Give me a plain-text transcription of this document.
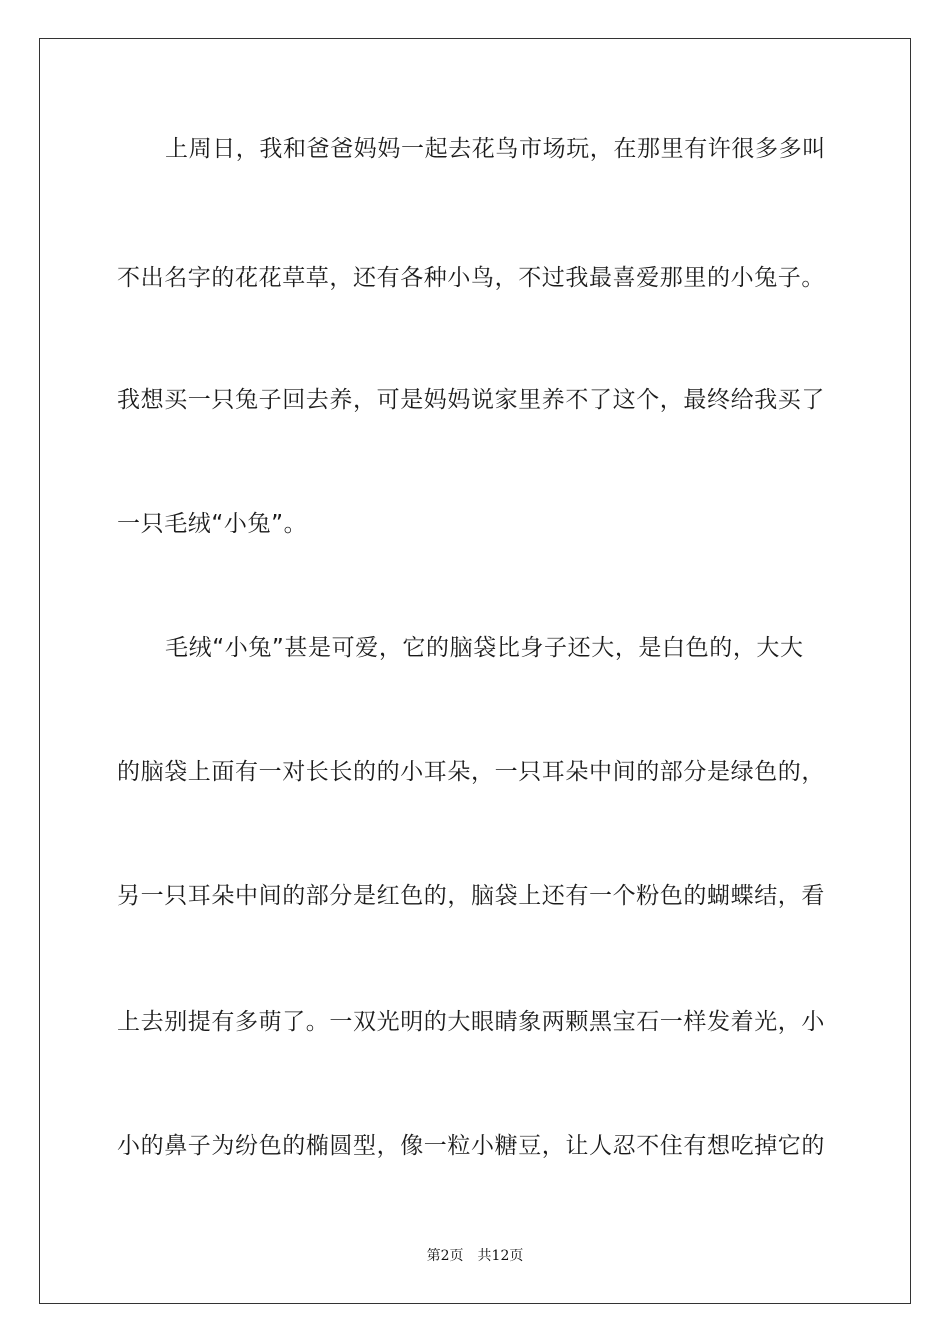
上周日，我和爸爸妈妈一起去花鸟市场玩，在那里有许很多多叫
不出名字的花花草草，还有各种小鸟，不过我最喜爱那里的小兔子。
我想买一只兔子回去养，可是妈妈说家里养不了这个，最终给我买了
一只毛绒“小兔”。
毛绒“小兔”甚是可爱，它的脑袋比身子还大，是白色的，大大
的脑袋上面有一对长长的的小耳朵，一只耳朵中间的部分是绿色的，
另一只耳朵中间的部分是红色的，脑袋上还有一个粉色的蝴蝶结，看
上去别提有多萌了。一双光明的大眼睛象两颗黑宝石一样发着光，小
小的鼻子为纷色的椭圆型，像一粒小糖豆，让人忍不住有想吃掉它的
第2页 共12页
